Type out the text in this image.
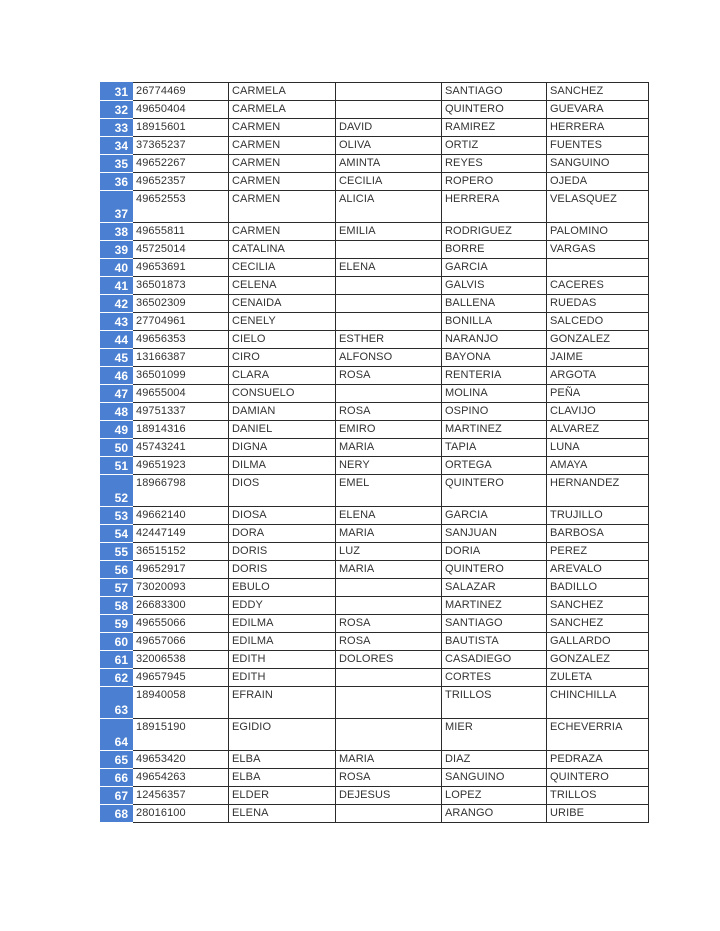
31	26774469	CARMELA		SANTIAGO	SANCHEZ
32	49650404	CARMELA		QUINTERO	GUEVARA
33	18915601	CARMEN	DAVID	RAMIREZ	HERRERA
34	37365237	CARMEN	OLIVA	ORTIZ	FUENTES
35	49652267	CARMEN	AMINTA	REYES	SANGUINO
36	49652357	CARMEN	CECILIA	ROPERO	OJEDA
37	49652553	CARMEN	ALICIA	HERRERA	VELASQUEZ
38	49655811	CARMEN	EMILIA	RODRIGUEZ	PALOMINO
39	45725014	CATALINA		BORRE	VARGAS
40	49653691	CECILIA	ELENA	GARCIA	
41	36501873	CELENA		GALVIS	CACERES
42	36502309	CENAIDA		BALLENA	RUEDAS
43	27704961	CENELY		BONILLA	SALCEDO
44	49656353	CIELO	ESTHER	NARANJO	GONZALEZ
45	13166387	CIRO	ALFONSO	BAYONA	JAIME
46	36501099	CLARA	ROSA	RENTERIA	ARGOTA
47	49655004	CONSUELO		MOLINA	PEÑA
48	49751337	DAMIAN	ROSA	OSPINO	CLAVIJO
49	18914316	DANIEL	EMIRO	MARTINEZ	ALVAREZ
50	45743241	DIGNA	MARIA	TAPIA	LUNA
51	49651923	DILMA	NERY	ORTEGA	AMAYA
52	18966798	DIOS	EMEL	QUINTERO	HERNANDEZ
53	49662140	DIOSA	ELENA	GARCIA	TRUJILLO
54	42447149	DORA	MARIA	SANJUAN	BARBOSA
55	36515152	DORIS	LUZ	DORIA	PEREZ
56	49652917	DORIS	MARIA	QUINTERO	AREVALO
57	73020093	EBULO		SALAZAR	BADILLO
58	26683300	EDDY		MARTINEZ	SANCHEZ
59	49655066	EDILMA	ROSA	SANTIAGO	SANCHEZ
60	49657066	EDILMA	ROSA	BAUTISTA	GALLARDO
61	32006538	EDITH	DOLORES	CASADIEGO	GONZALEZ
62	49657945	EDITH		CORTES	ZULETA
63	18940058	EFRAIN		TRILLOS	CHINCHILLA
64	18915190	EGIDIO		MIER	ECHEVERRIA
65	49653420	ELBA	MARIA	DIAZ	PEDRAZA
66	49654263	ELBA	ROSA	SANGUINO	QUINTERO
67	12456357	ELDER	DEJESUS	LOPEZ	TRILLOS
68	28016100	ELENA		ARANGO	URIBE
